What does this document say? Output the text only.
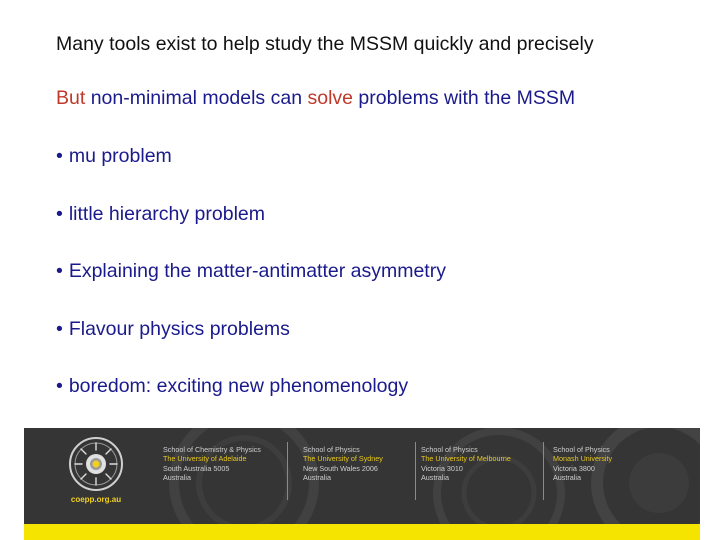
Many tools exist to help study the MSSM quickly and precisely
But non-minimal models can solve problems with the MSSM
• mu problem
• little hierarchy problem
• Explaining the matter-antimatter asymmetry
• Flavour physics problems
• boredom: exciting new phenomenology
coepp.org.au
School of Chemistry & Physics
The University of Adelaide
South Australia 5005
Australia
School of Physics
The University of Sydney
New South Wales 2006
Australia
School of Physics
The University of Melbourne
Victoria 3010
Australia
School of Physics
Monash University
Victoria 3800
Australia
